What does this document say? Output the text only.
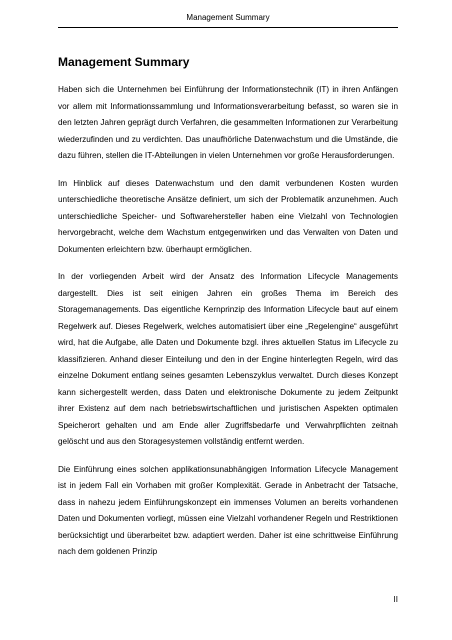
Management Summary
Management Summary

Haben sich die Unternehmen bei Einführung der Informationstechnik (IT) in ihren Anfängen vor allem mit Informationssammlung und Informationsverarbeitung befasst, so waren sie in den letzten Jahren geprägt durch Verfahren, die gesammelten Informationen zur Verarbeitung wiederzufinden und zu verdichten. Das unaufhörliche Datenwachstum und die Umstände, die dazu führen, stellen die IT-Abteilungen in vielen Unternehmen vor große Herausforderungen.

Im Hinblick auf dieses Datenwachstum und den damit verbundenen Kosten wurden unterschiedliche theoretische Ansätze definiert, um sich der Problematik anzunehmen. Auch unterschiedliche Speicher- und Softwarehersteller haben eine Vielzahl von Technologien hervorgebracht, welche dem Wachstum entgegenwirken und das Verwalten von Daten und Dokumenten erleichtern bzw. überhaupt ermöglichen.

In der vorliegenden Arbeit wird der Ansatz des Information Lifecycle Managements dargestellt. Dies ist seit einigen Jahren ein großes Thema im Bereich des Storagemanagements. Das eigentliche Kernprinzip des Information Lifecycle baut auf einem Regelwerk auf. Dieses Regelwerk, welches automatisiert über eine „Regelengine“ ausgeführt wird, hat die Aufgabe, alle Daten und Dokumente bzgl. ihres aktuellen Status im Lifecycle zu klassifizieren. Anhand dieser Einteilung und den in der Engine hinterlegten Regeln, wird das einzelne Dokument entlang seines gesamten Lebenszyklus verwaltet. Durch dieses Konzept kann sichergestellt werden, dass Daten und elektronische Dokumente zu jedem Zeitpunkt ihrer Existenz auf dem nach betriebswirtschaftlichen und juristischen Aspekten optimalen Speicherort gehalten und am Ende aller Zugriffsbedarfe und Verwahrpflichten zeitnah gelöscht und aus den Storagesystemen vollständig entfernt werden.

Die Einführung eines solchen applikationsunabhängigen Information Lifecycle Management ist in jedem Fall ein Vorhaben mit großer Komplexität. Gerade in Anbetracht der Tatsache, dass in nahezu jedem Einführungskonzept ein immenses Volumen an bereits vorhandenen Daten und Dokumenten vorliegt, müssen eine Vielzahl vorhandener Regeln und Restriktionen berücksichtigt und überarbeitet bzw. adaptiert werden. Daher ist eine schrittweise Einführung nach dem goldenen Prinzip

II
